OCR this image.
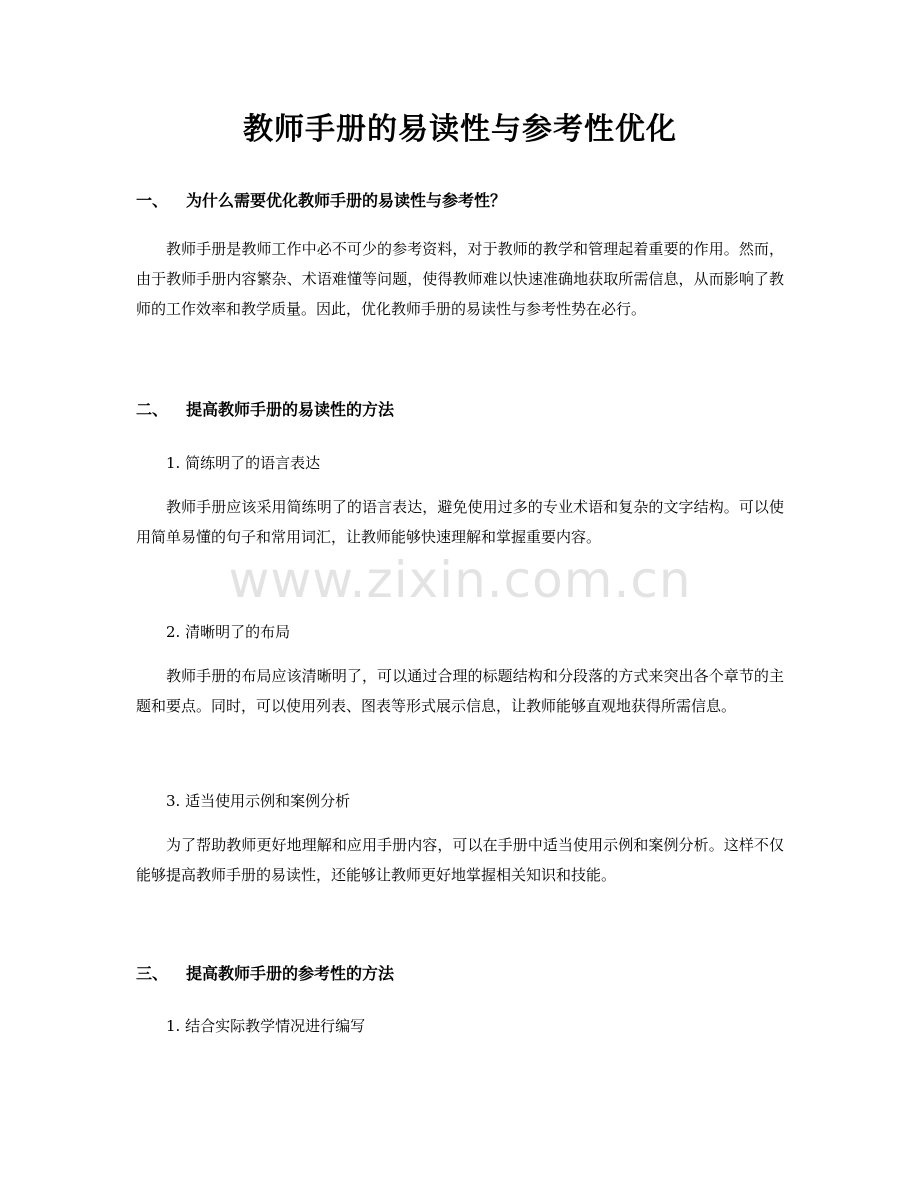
教师手册的易读性与参考性优化
一、 为什么需要优化教师手册的易读性与参考性？

教师手册是教师工作中必不可少的参考资料，对于教师的教学和管理起着重要的作用。然而，由于教师手册内容繁杂、术语难懂等问题，使得教师难以快速准确地获取所需信息，从而影响了教师的工作效率和教学质量。因此，优化教师手册的易读性与参考性势在必行。

二、 提高教师手册的易读性的方法
1. 简练明了的语言表达

教师手册应该采用简练明了的语言表达，避免使用过多的专业术语和复杂的文字结构。可以使用简单易懂的句子和常用词汇，让教师能够快速理解和掌握重要内容。

2. 清晰明了的布局

教师手册的布局应该清晰明了，可以通过合理的标题结构和分段落的方式来突出各个章节的主题和要点。同时，可以使用列表、图表等形式展示信息，让教师能够直观地获得所需信息。

3. 适当使用示例和案例分析

为了帮助教师更好地理解和应用手册内容，可以在手册中适当使用示例和案例分析。这样不仅能够提高教师手册的易读性，还能够让教师更好地掌握相关知识和技能。

三、 提高教师手册的参考性的方法
1. 结合实际教学情况进行编写
www.zixin.com.cn
